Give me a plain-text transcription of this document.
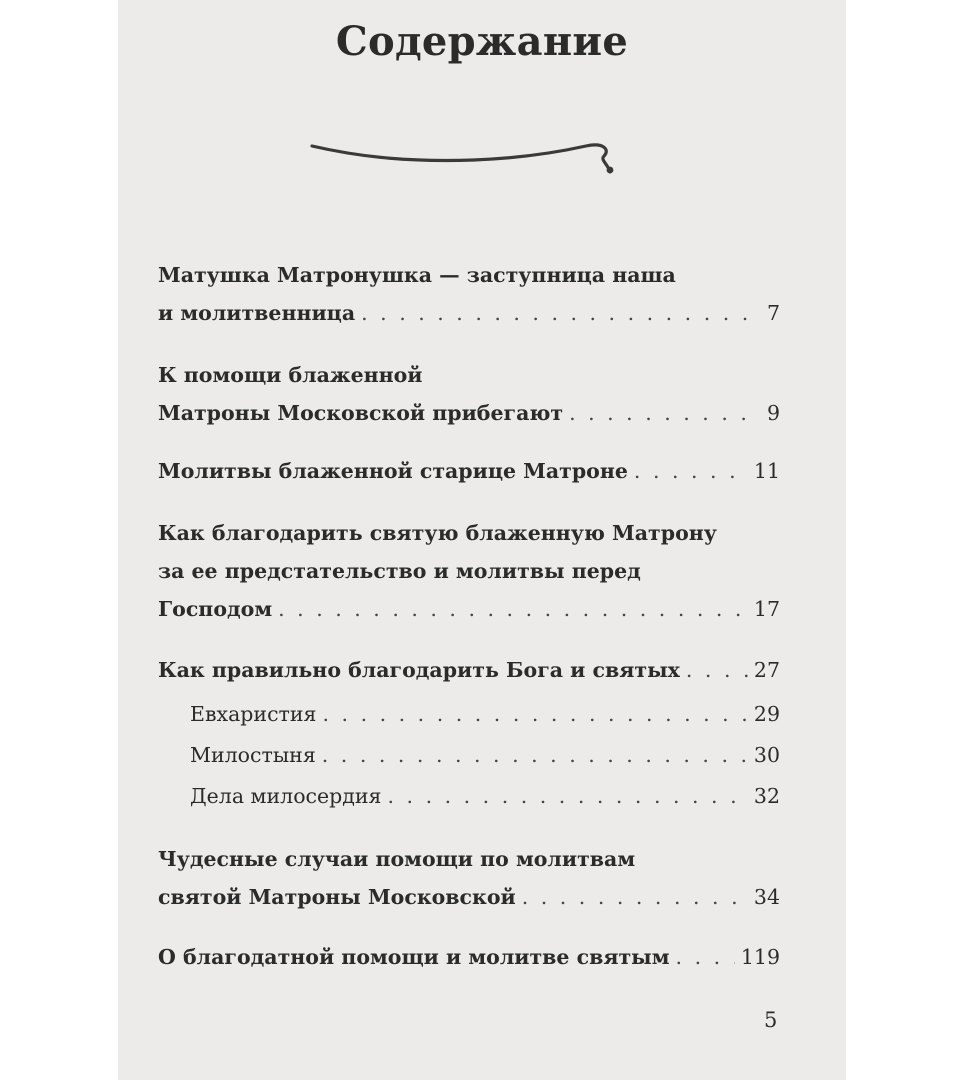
Содержание
Матушка Матронушка — заступница наша
и молитвенница . . .	7
К помощи блаженной
Матроны Московской прибегают . . .	9
Молитвы блаженной старице Матроне . . .	11
Как благодарить святую блаженную Матрону
за ее предстательство и молитвы перед
Господом . . .	17
Как правильно благодарить Бога и святых . . .	27
Евхаристия . . .	29
Милостыня . . .	30
Дела милосердия . . .	32
Чудесные случаи помощи по молитвам
святой Матроны Московской . . .	34
О благодатной помощи и молитве святым . . .	119
5
